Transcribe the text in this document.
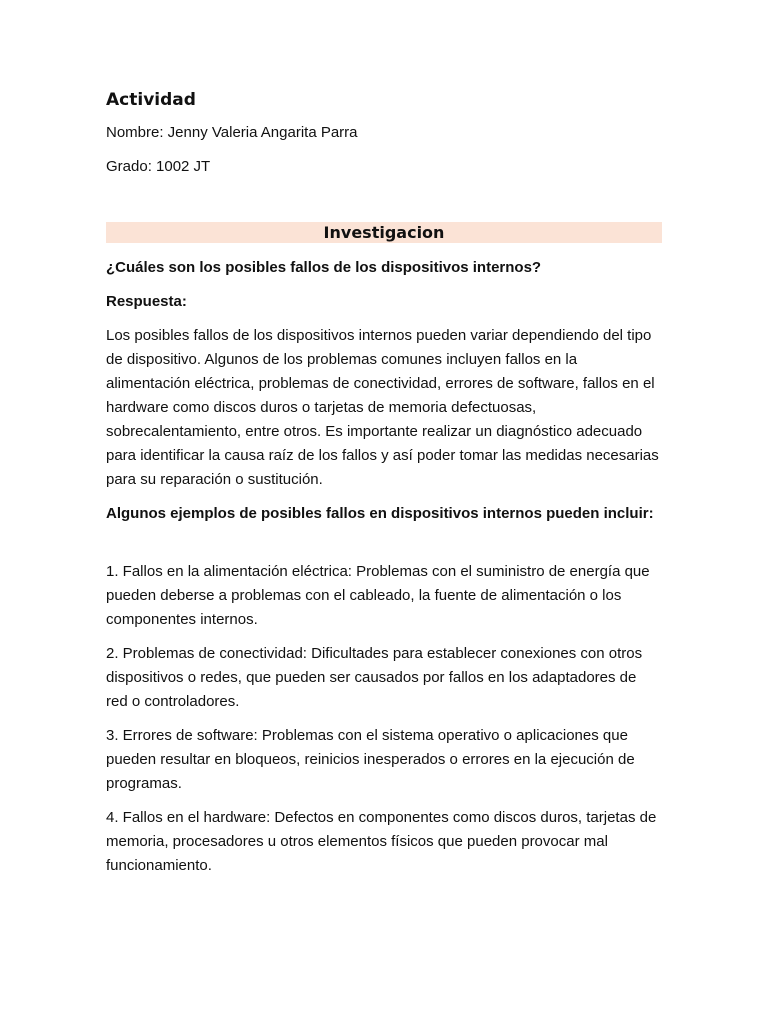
Actividad
Nombre: Jenny Valeria Angarita Parra
Grado: 1002 JT
Investigacion
¿Cuáles son los posibles fallos de los dispositivos internos?
Respuesta:
Los posibles fallos de los dispositivos internos pueden variar dependiendo del tipo de dispositivo. Algunos de los problemas comunes incluyen fallos en la alimentación eléctrica, problemas de conectividad, errores de software, fallos en el hardware como discos duros o tarjetas de memoria defectuosas, sobrecalentamiento, entre otros. Es importante realizar un diagnóstico adecuado para identificar la causa raíz de los fallos y así poder tomar las medidas necesarias para su reparación o sustitución.
Algunos ejemplos de posibles fallos en dispositivos internos pueden incluir:
1. Fallos en la alimentación eléctrica: Problemas con el suministro de energía que pueden deberse a problemas con el cableado, la fuente de alimentación o los componentes internos.
2. Problemas de conectividad: Dificultades para establecer conexiones con otros dispositivos o redes, que pueden ser causados por fallos en los adaptadores de red o controladores.
3. Errores de software: Problemas con el sistema operativo o aplicaciones que pueden resultar en bloqueos, reinicios inesperados o errores en la ejecución de programas.
4. Fallos en el hardware: Defectos en componentes como discos duros, tarjetas de memoria, procesadores u otros elementos físicos que pueden provocar mal funcionamiento.
